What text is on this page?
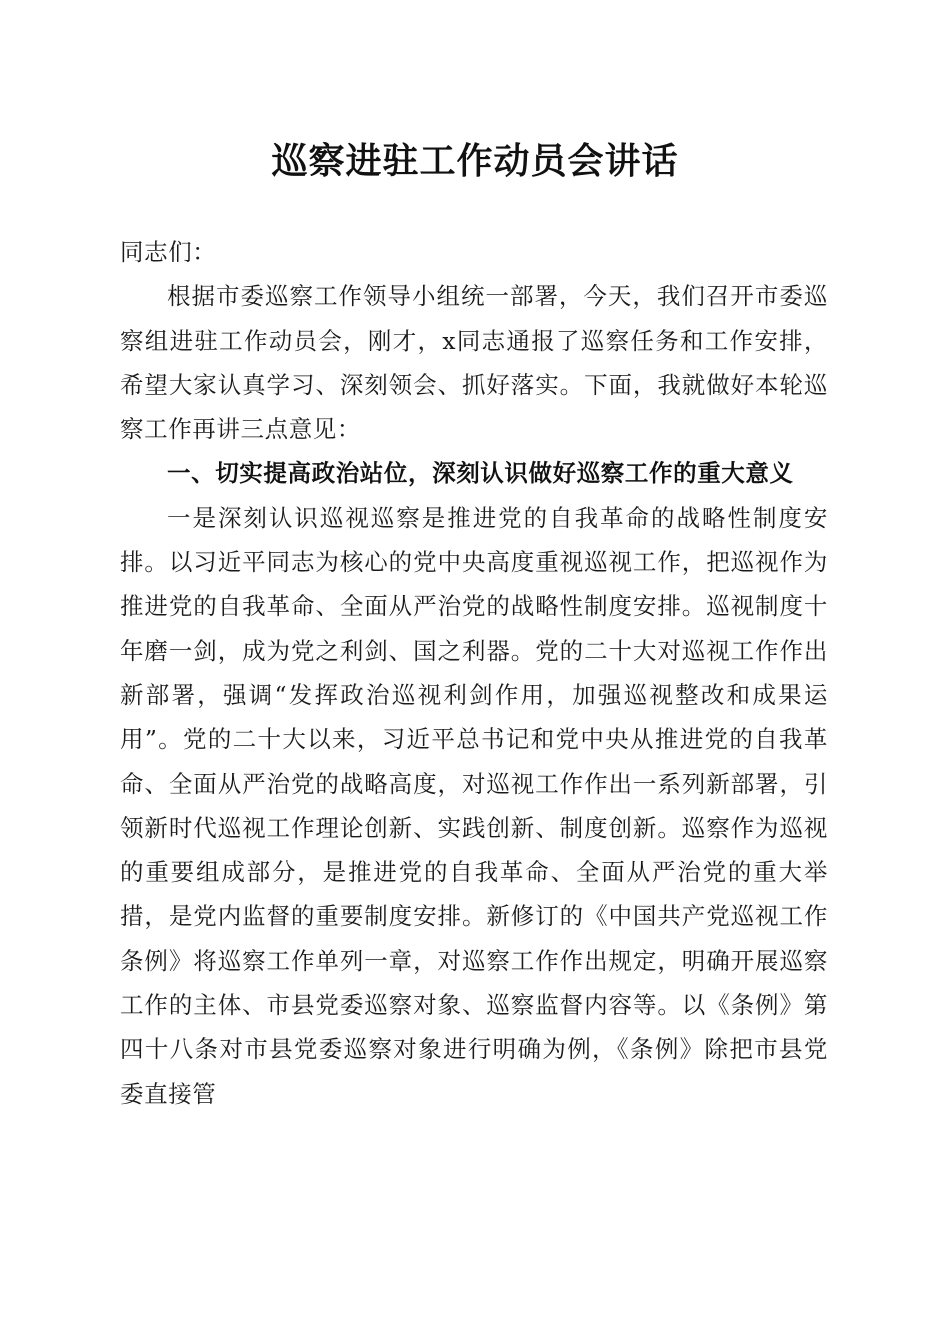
巡察进驻工作动员会讲话

同志们：

根据市委巡察工作领导小组统一部署，今天，我们召开市委巡察组进驻工作动员会，刚才，x同志通报了巡察任务和工作安排，希望大家认真学习、深刻领会、抓好落实。下面，我就做好本轮巡察工作再讲三点意见：

一、切实提高政治站位，深刻认识做好巡察工作的重大意义

一是深刻认识巡视巡察是推进党的自我革命的战略性制度安排。以习近平同志为核心的党中央高度重视巡视工作，把巡视作为推进党的自我革命、全面从严治党的战略性制度安排。巡视制度十年磨一剑，成为党之利剑、国之利器。党的二十大对巡视工作作出新部署，强调“发挥政治巡视利剑作用，加强巡视整改和成果运用”。党的二十大以来，习近平总书记和党中央从推进党的自我革命、全面从严治党的战略高度，对巡视工作作出一系列新部署，引领新时代巡视工作理论创新、实践创新、制度创新。巡察作为巡视的重要组成部分，是推进党的自我革命、全面从严治党的重大举措，是党内监督的重要制度安排。新修订的《中国共产党巡视工作条例》将巡察工作单列一章，对巡察工作作出规定，明确开展巡察工作的主体、市县党委巡察对象、巡察监督内容等。以《条例》第四十八条对市县党委巡察对象进行明确为例，《条例》除把市县党委直接管
